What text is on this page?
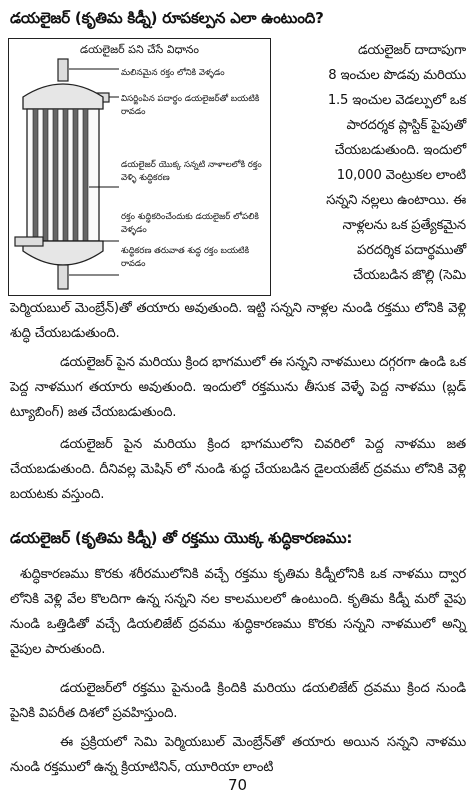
డయలైజర్ (కృతిమ కిడ్నీ) రూపకల్పన ఎలా ఉంటుంది?
డయలైజర్ పని చేసే విధానం
మలినమైన రక్తం లోనికి వెళ్ళడం
విసర్జింపిన పదార్థం డయలైజర్‌తో బయటికి రావడం
డయలైజర్ యొక్క సన్నటి నాళాలలోకి రక్తం వెళ్ళి శుద్ధికరణ
రక్తం శుద్ధికరించేందుకు డయలైజర్ లోపలికి వెళ్ళడం
శుద్ధికరణ తరువాత శుద్ధ రక్తం బయటికి రావడం
డయలైజర్ దాదాపుగా
8 ఇంచుల పొడవు మరియు
1.5 ఇంచుల వెడల్పులో ఒక
పారదర్శక ప్లాస్టిక్ పైపుతో
చేయబడుతుంది. ఇందులో
10,000 వెంట్రుకల లాంటి
సన్నని నల్లలు ఉంటాయి. ఈ
నాళ్లలను ఒక ప్రత్యేకమైన
పరదర్శిక పదార్థముతో
చేయబడిన జొల్లి (సెమి
పెర్మియబుల్ మెంబ్రేన్)తో తయారు అవుతుంది. ఇట్టి సన్నని నాళ్లల నుండి రక్తము లోనికి వెళ్లి శుద్ధి చేయబడుతుంది.
డయలైజర్ పైన మరియు క్రింద భాగములో ఈ సన్నని నాళములు దగ్గరగా ఉండి ఒక పెద్ద నాళముగ తయారు అవుతుంది. ఇందులో రక్తమును తీసుక వెళ్ళే పెద్ద నాళము (బ్లడ్ ట్యూబింగ్) జత చేయబడుతుంది.
డయలైజర్ పైన మరియు క్రింద భాగములోని చివరిలో పెద్ద నాళము జత చేయబడుతుంది. దీనివల్ల మెషిన్ లో నుండి శుద్ధ చేయబడిన డైలయజేట్ ద్రవము లోనికి వెళ్లి బయటకు వస్తుంది.
డయలైజర్ (కృతిమ కిడ్నీ) తో రక్తము యొక్క శుద్ధికారణము:
శుద్ధికారణము కొరకు శరీరములోనికి వచ్చే రక్తము కృతిమ కిడ్నీలోనికి ఒక నాళము ద్వార లోనికి వెళ్లి వేల కొలదిగా ఉన్న సన్నని నల కాలములలో ఉంటుంది. కృతిమ కిడ్నీ మరో వైపు నుండి ఒత్తిడితో వచ్చే డియలిజేట్ ద్రవము శుద్ధికారణము కొరకు సన్నని నాళములో అన్ని వైపుల పారుతుంది.
డయలైజర్‌లో రక్తము పైనుండి క్రిందికి మరియు డయలిజేట్ ద్రవము క్రింద నుండి పైనికి విపరీత దిశలో ప్రవహిస్తుంది.
ఈ ప్రక్రియలో సెమి పెర్మియబుల్ మెంబ్రేన్‌తో తయారు అయిన సన్నని నాళము నుండి రక్తములో ఉన్న క్రియాటినిన్, యూరియా లాంటి
70
